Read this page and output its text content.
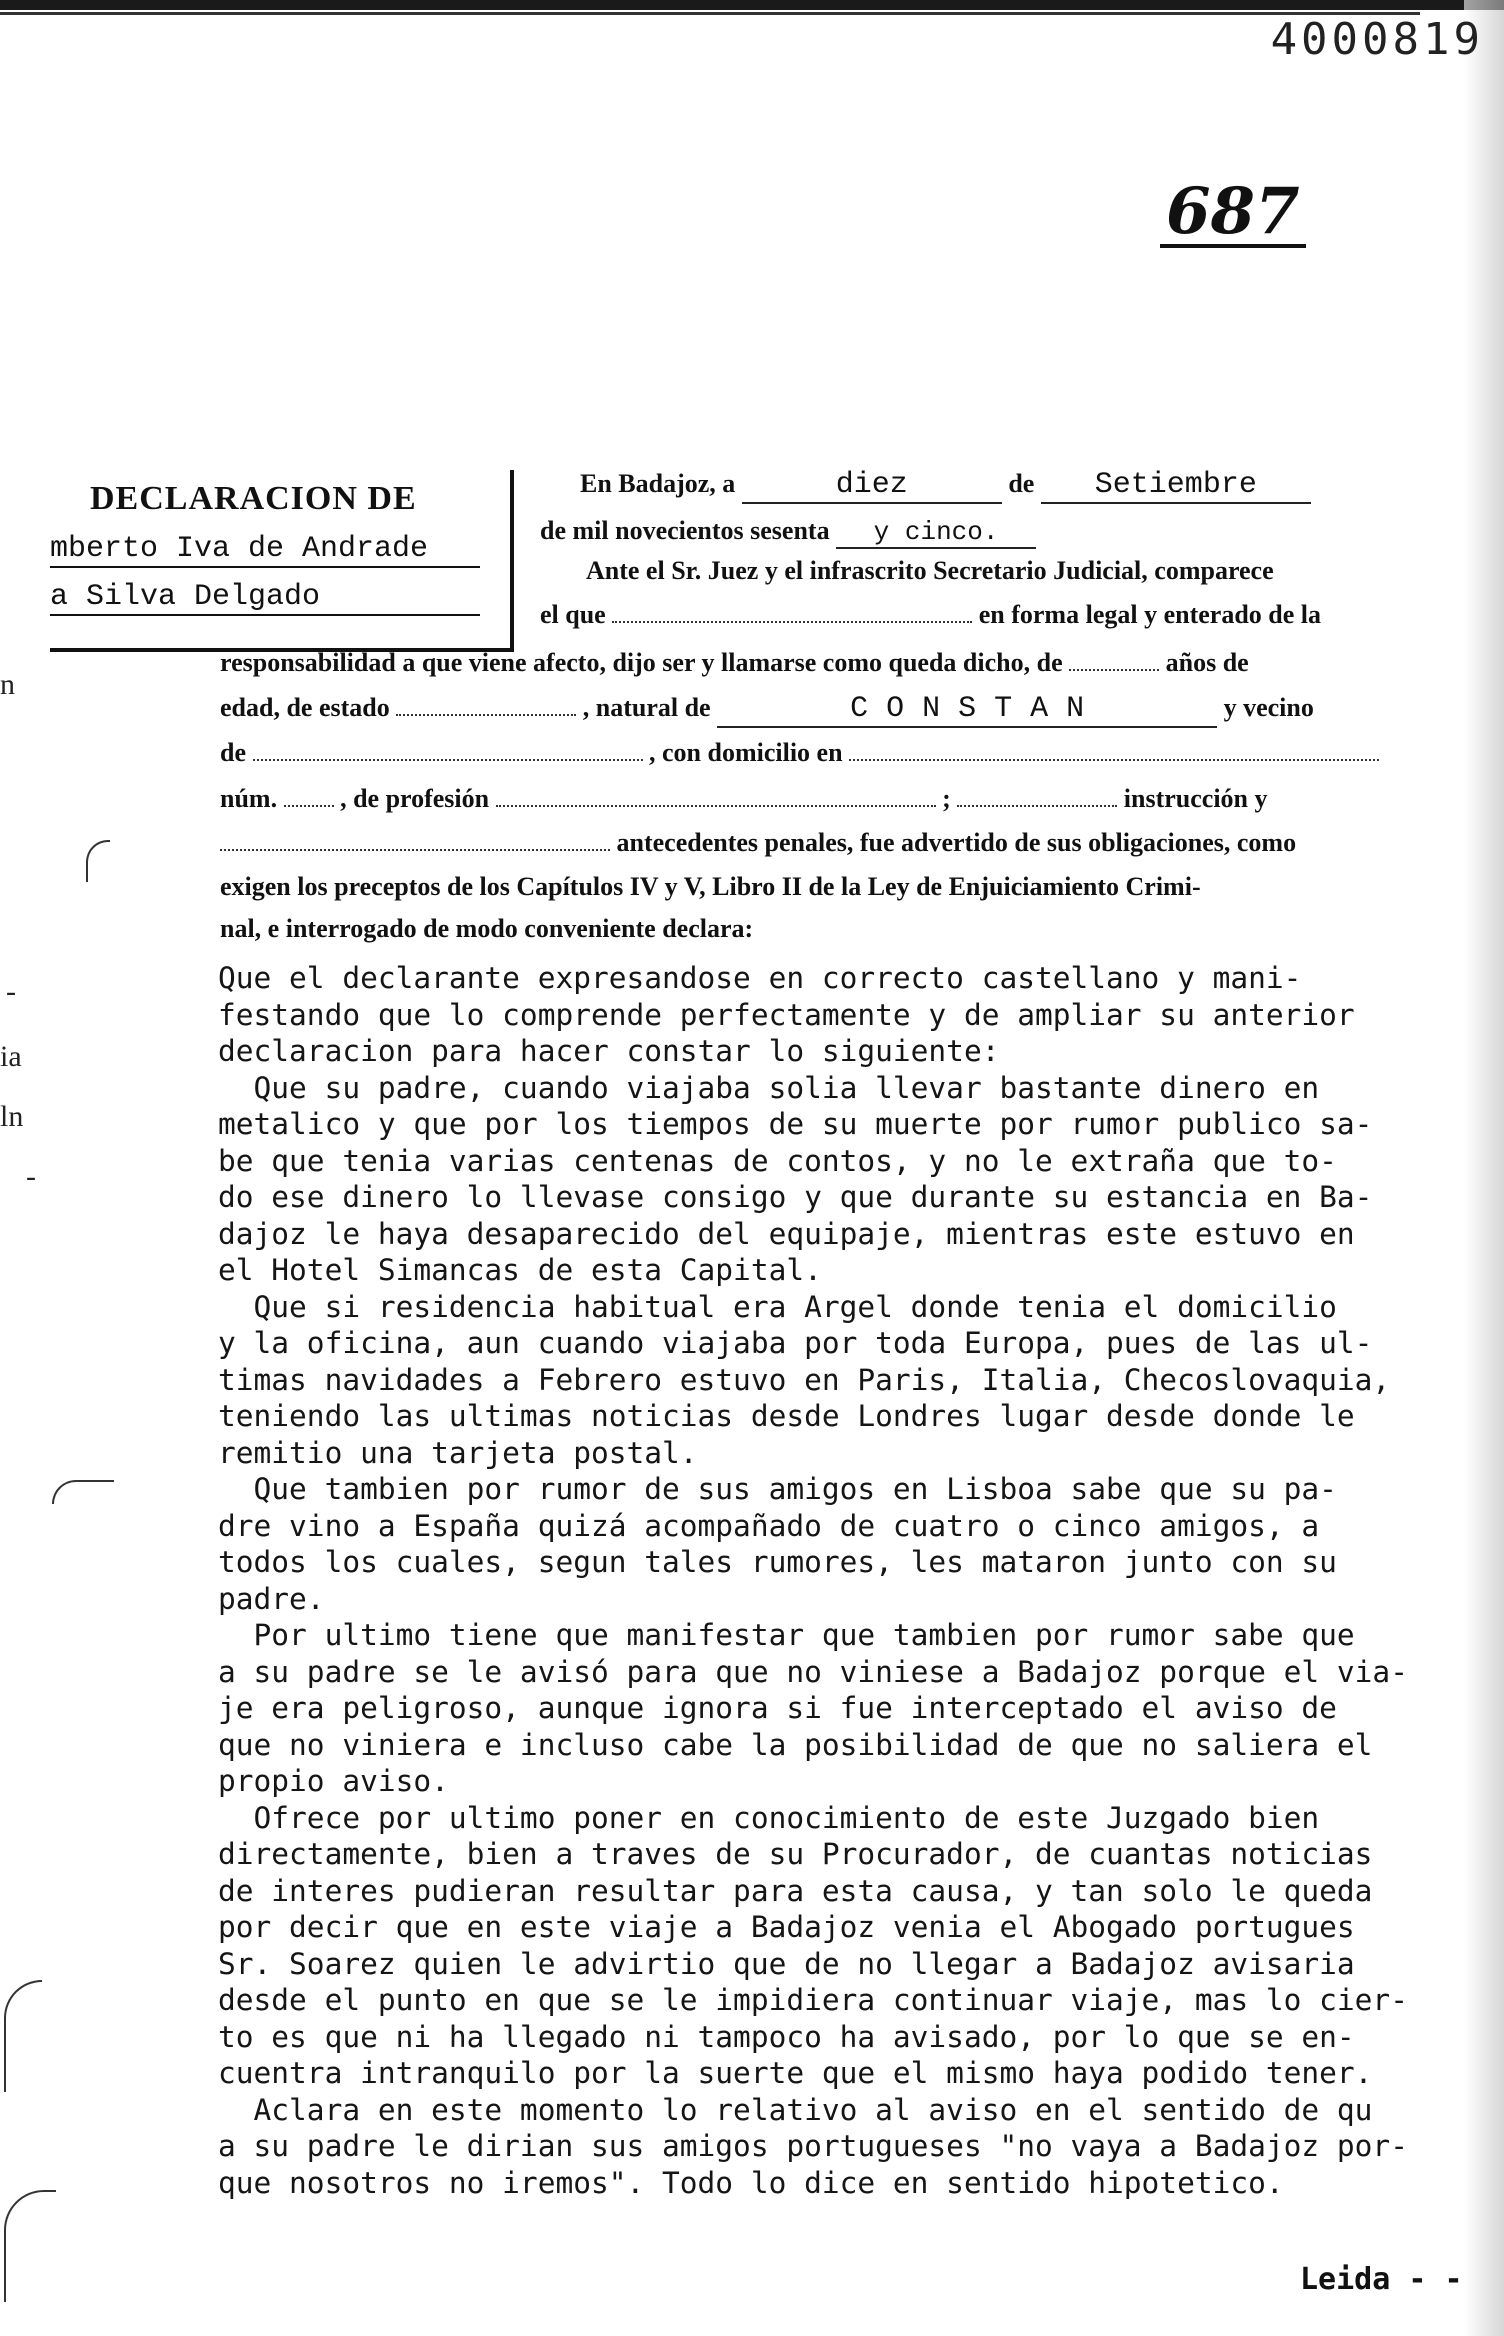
4000819
687
n
-
ia
ln
-
DECLARACION DE
mberto Iva de Andrade
a Silva Delgado
En Badajoz, a	diez	de Setiembre
de mil novecientos sesenta y cinco.
Ante el Sr. Juez y el infrascrito Secretario Judicial, comparece
el que	en forma legal y enterado de la
responsabilidad a que viene afecto, dijo ser y llamarse como queda dicho, de	años de
edad, de estado	, natural de	C O N S T A N	y vecino
de	, con domicilio en
núm. , de profesión	;	instrucción y
antecedentes penales, fue advertido de sus obligaciones, como
exigen los preceptos de los Capítulos IV y V, Libro II de la Ley de Enjuiciamiento Crimi-
nal, e interrogado de modo conveniente declara:

Que el declarante expresandose en correcto castellano y mani-

festando que lo comprende perfectamente y de ampliar su anterior

declaracion para hacer constar lo siguiente:

Que su padre, cuando viajaba solia llevar bastante dinero en

metalico y que por los tiempos de su muerte por rumor publico sa-

be que tenia varias centenas de contos, y no le extraña que to-

do ese dinero lo llevase consigo y que durante su estancia en Ba-

dajoz le haya desaparecido del equipaje, mientras este estuvo en

el Hotel Simancas de esta Capital.

Que si residencia habitual era Argel donde tenia el domicilio

y la oficina, aun cuando viajaba por toda Europa, pues de las ul-

timas navidades a Febrero estuvo en Paris, Italia, Checoslovaquia,

teniendo las ultimas noticias desde Londres lugar desde donde le

remitio una tarjeta postal.

Que tambien por rumor de sus amigos en Lisboa sabe que su pa-

dre vino a España quizá acompañado de cuatro o cinco amigos, a

todos los cuales, segun tales rumores, les mataron junto con su

padre.

Por ultimo tiene que manifestar que tambien por rumor sabe que

a su padre se le avisó para que no viniese a Badajoz porque el via-

je era peligroso, aunque ignora si fue interceptado el aviso de

que no viniera e incluso cabe la posibilidad de que no saliera el

propio aviso.

Ofrece por ultimo poner en conocimiento de este Juzgado bien

directamente, bien a traves de su Procurador, de cuantas noticias

de interes pudieran resultar para esta causa, y tan solo le queda

por decir que en este viaje a Badajoz venia el Abogado portugues

Sr. Soarez quien le advirtio que de no llegar a Badajoz avisaria

desde el punto en que se le impidiera continuar viaje, mas lo cier-

to es que ni ha llegado ni tampoco ha avisado, por lo que se en-

cuentra intranquilo por la suerte que el mismo haya podido tener.

Aclara en este momento lo relativo al aviso en el sentido de qu

a su padre le dirian sus amigos portugueses "no vaya a Badajoz por-

que nosotros no iremos". Todo lo dice en sentido hipotetico.

Leida - -
